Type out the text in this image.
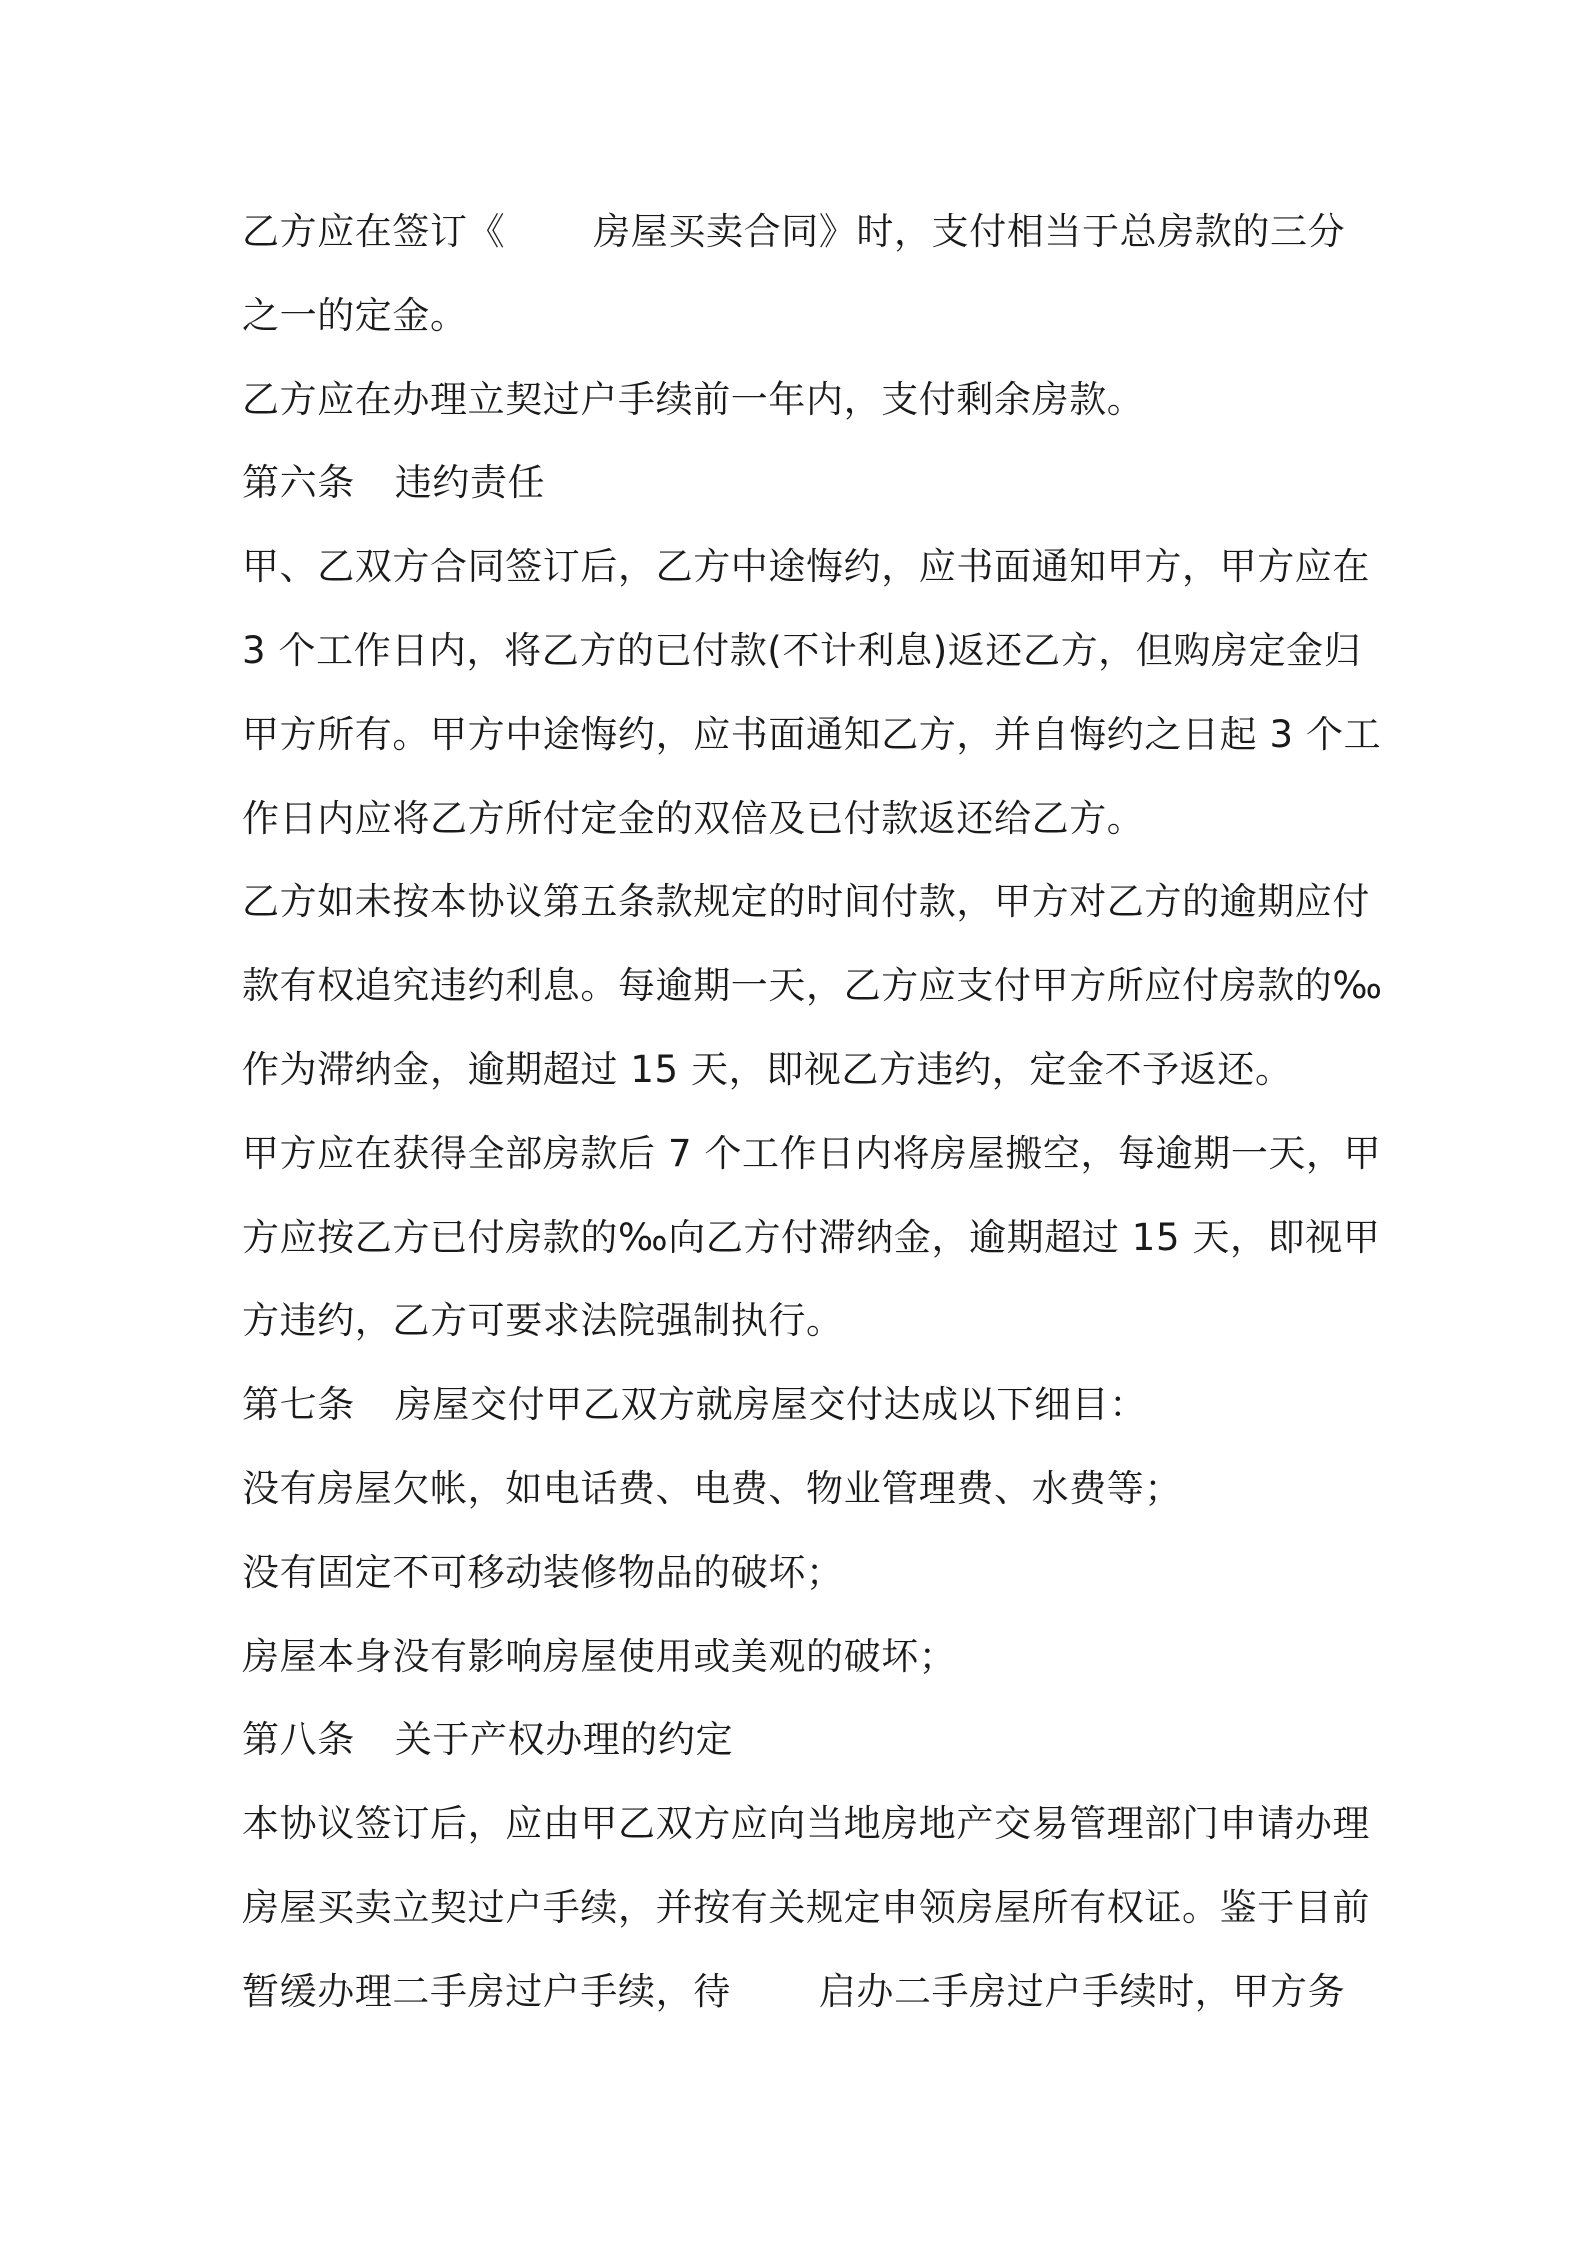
乙方应在签订《 房屋买卖合同》时，支付相当于总房款的三分
之一的定金。
乙方应在办理立契过户手续前一年内，支付剩余房款。
第六条 违约责任
甲、乙双方合同签订后，乙方中途悔约，应书面通知甲方，甲方应在
3 个工作日内，将乙方的已付款(不计利息)返还乙方，但购房定金归
甲方所有。甲方中途悔约，应书面通知乙方，并自悔约之日起 3 个工
作日内应将乙方所付定金的双倍及已付款返还给乙方。
乙方如未按本协议第五条款规定的时间付款，甲方对乙方的逾期应付
款有权追究违约利息。每逾期一天，乙方应支付甲方所应付房款的‰
作为滞纳金，逾期超过 15 天，即视乙方违约，定金不予返还。
甲方应在获得全部房款后 7 个工作日内将房屋搬空，每逾期一天，甲
方应按乙方已付房款的‰向乙方付滞纳金，逾期超过 15 天，即视甲
方违约，乙方可要求法院强制执行。
第七条 房屋交付甲乙双方就房屋交付达成以下细目：
没有房屋欠帐，如电话费、电费、物业管理费、水费等；
没有固定不可移动装修物品的破坏；
房屋本身没有影响房屋使用或美观的破坏；
第八条 关于产权办理的约定
本协议签订后，应由甲乙双方应向当地房地产交易管理部门申请办理
房屋买卖立契过户手续，并按有关规定申领房屋所有权证。鉴于目前
暂缓办理二手房过户手续，待 启办二手房过户手续时，甲方务
